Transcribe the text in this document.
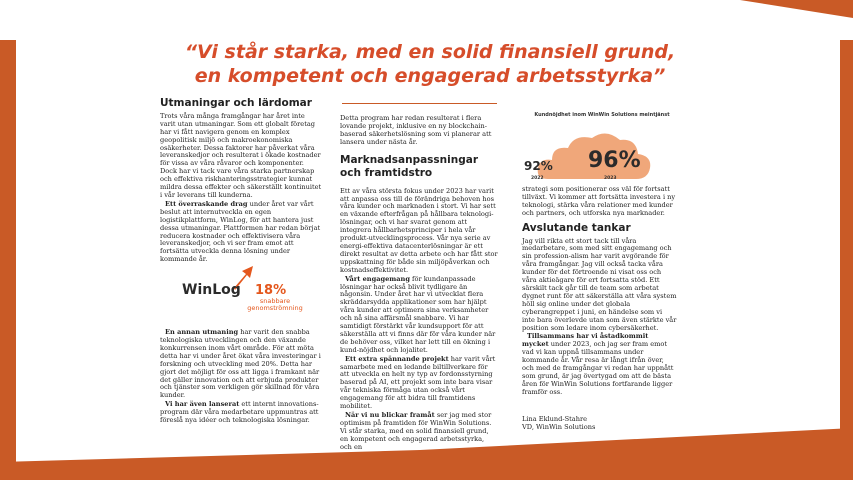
“Vi står starka, med en solid finansiell grund,
en kompetent och engagerad arbetsstyrka”
Utmaningar och lärdomar

Trots våra många framgångar har året inte varit utan utmaningar. Som ett globalt företag har vi fått navigera genom en komplex geopolitisk miljö och makroekonomiska osäkerheter. Dessa faktorer har påverkat våra leveranskedjor och resulterat i ökade kostnader för vissa av våra råvaror och komponenter. Dock har vi tack vare våra starka partnerskap och effektiva riskhanteringsstrategier kunnat mildra dessa effekter och säkerställt kontinuitet i vår leverans till kunderna.

Ett överraskande drag under året var vårt beslut att internutveckla en egen logistikplattform, WinLog, för att hantera just dessa utmaningar. Plattformen har redan börjat reducera kostnader och effektivisera våra leveranskedjor, och vi ser fram emot att fortsätta utveckla denna lösning under kommande år.

En annan utmaning har varit den snabba teknologiska utvecklingen och den växande konkurrensen inom vårt område. För att möta detta har vi under året ökat våra investeringar i forskning och utveckling med 20%. Detta har gjort det möjligt för oss att ligga i framkant när det gäller innovation och att erbjuda produkter och tjänster som verkligen gör skillnad för våra kunder.

Vi har även lanserat ett internt innovations-program där våra medarbetare uppmuntras att föreslå nya idéer och teknologiska lösningar.

WinLog 18%
snabbare
genomströmning

Detta program har redan resulterat i flera lovande projekt, inklusive en ny blockchain-baserad säkerhetslösning som vi planerar att lansera under nästa år.

Marknadsanpassningar
och framtidstro

Ett av våra största fokus under 2023 har varit att anpassa oss till de förändriga behoven hos våra kunder och marknaden i stort. Vi har sett en växande efterfrågan på hållbara teknologi-lösningar, och vi har svarat genom att integrera hållbarhetsprinciper i hela vår produkt-utvecklingsprocess. Vår nya serie av energi-effektiva datacenterlösningar är ett direkt resultat av detta arbete och har fått stor uppskattning för både sin miljöpåverkan och kostnadseffektivitet.

Vårt engagemang för kundanpassade lösningar har också blivit tydligare än någonsin. Under året har vi utvecklat flera skräddarsydda applikationer som har hjälpt våra kunder att optimera sina verksamheter och nå sina affärsmål snabbare. Vi har samtidigt förstärkt vår kundsupport för att säkerställa att vi finns där för våra kunder när de behöver oss, vilket har lett till en ökning i kund-nöjdhet och lojalitet.

Ett extra spännande projekt har varit vårt samarbete med en ledande biltillverkare för att utveckla en helt ny typ av fordonsstyrning baserad på AI, ett projekt som inte bara visar vår tekniska förmåga utan också vårt engagemang för att bidra till framtidens mobilitet.

När vi nu blickar framåt ser jag med stor optimism på framtiden för WinWin Solutions. Vi står starka, med en solid finansiell grund, en kompetent och engagerad arbetsstyrka, och en

Kundnöjdhet inom WinWin Solutions meintjänst
92% 96%
2022	2023

strategi som positionerar oss väl för fortsatt tillväxt. Vi kommer att fortsätta investera i ny teknologi, stärka våra relationer med kunder och partners, och utforska nya marknader.

Avslutande tankar

Jag vill rikta ett stort tack till våra medarbetare, som med sitt engagemang och sin profession-alism har varit avgörande för våra framgångar. Jag vill också tacka våra kunder för det förtroende ni visat oss och våra aktieägare för ert fortsatta stöd. Ett särskilt tack går till de team som arbetat dygnet runt för att säkerställa att våra system höll sig online under det globala cyberangreppet i juni, en händelse som vi inte bara överlevde utan som även stärkte vår position som ledare inom cybersäkerhet.

Tillsammans har vi åstadkommit mycket under 2023, och jag ser fram emot vad vi kan uppnå tillsammans under kommande år. Vår resa är långt ifrån över, och med de framgångar vi redan har uppnått som grund, är jag övertygad om att de bästa åren för WinWin Solutions fortfarande ligger framför oss.

Lina Eklund-Stahre
VD, WinWin Solutions
